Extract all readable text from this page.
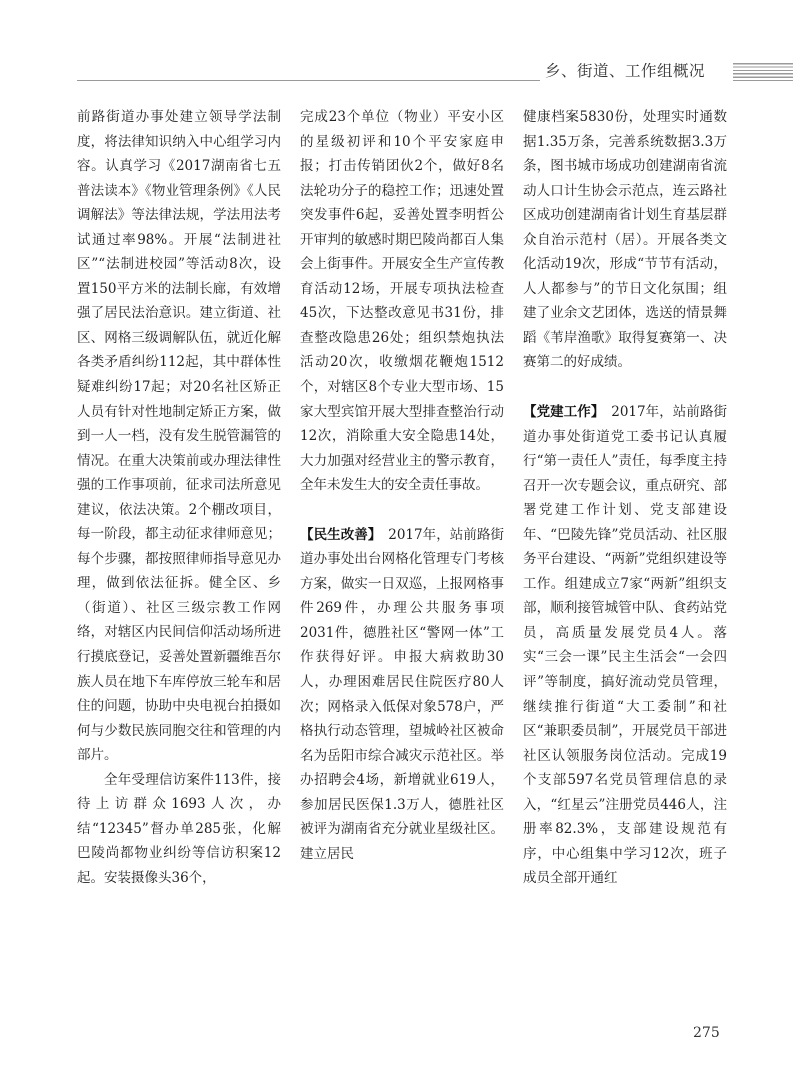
乡、街道、工作组概况

前路街道办事处建立领导学法制度，将法律知识纳入中心组学习内容。认真学习《2017湖南省七五普法读本》《物业管理条例》《人民调解法》等法律法规，学法用法考试通过率98%。开展“法制进社区”“法制进校园”等活动8次，设置150平方米的法制长廊，有效增强了居民法治意识。建立街道、社区、网格三级调解队伍，就近化解各类矛盾纠纷112起，其中群体性疑难纠纷17起；对20名社区矫正人员有针对性地制定矫正方案，做到一人一档，没有发生脱管漏管的情况。在重大决策前或办理法律性强的工作事项前，征求司法所意见建议，依法决策。2个棚改项目，每一阶段，都主动征求律师意见；每个步骤，都按照律师指导意见办理，做到依法征拆。健全区、乡（街道）、社区三级宗教工作网络，对辖区内民间信仰活动场所进行摸底登记，妥善处置新疆维吾尔族人员在地下车库停放三轮车和居住的问题，协助中央电视台拍摄如何与少数民族同胞交往和管理的内部片。

全年受理信访案件113件，接待上访群众1693人次，办结“12345”督办单285张，化解巴陵尚都物业纠纷等信访积案12起。安装摄像头36个，

完成23个单位（物业）平安小区的星级初评和10个平安家庭申报；打击传销团伙2个，做好8名法轮功分子的稳控工作；迅速处置突发事件6起，妥善处置李明哲公开审判的敏感时期巴陵尚都百人集会上街事件。开展安全生产宣传教育活动12场，开展专项执法检查45次，下达整改意见书31份，排查整改隐患26处；组织禁炮执法活动20次，收缴烟花鞭炮1512个，对辖区8个专业大型市场、15家大型宾馆开展大型排查整治行动12次，消除重大安全隐患14处，大力加强对经营业主的警示教育，全年未发生大的安全责任事故。

【民生改善】　 2017年，站前路街道办事处出台网格化管理专门考核方案，做实一日双巡，上报网格事件269件，办理公共服务事项2031件，德胜社区“警网一体”工作获得好评。申报大病救助30人，办理困难居民住院医疗80人次；网格录入低保对象578户，严格执行动态管理，望城岭社区被命名为岳阳市综合减灾示范社区。举办招聘会4场，新增就业619人，参加居民医保1.3万人，德胜社区被评为湖南省充分就业星级社区。建立居民

健康档案5830份，处理实时通数据1.35万条，完善系统数据3.3万条，图书城市场成功创建湖南省流动人口计生协会示范点，连云路社区成功创建湖南省计划生育基层群众自治示范村（居）。开展各类文化活动19次，形成“节节有活动，人人都参与”的节日文化氛围；组建了业余文艺团体，选送的情景舞蹈《苇岸渔歌》取得复赛第一、决赛第二的好成绩。

【党建工作】　 2017年，站前路街道办事处街道党工委书记认真履行“第一责任人”责任，每季度主持召开一次专题会议，重点研究、部署党建工作计划、党支部建设年、“巴陵先锋”党员活动、社区服务平台建设、“两新”党组织建设等工作。组建成立7家“两新”组织支部，顺利接管城管中队、食药站党员，高质量发展党员4人。落实“三会一课”民主生活会“一会四评”等制度，搞好流动党员管理，继续推行街道“大工委制”和社区“兼职委员制”，开展党员干部进社区认领服务岗位活动。完成19个支部597名党员管理信息的录入，“红星云”注册党员446人，注册率82.3%，支部建设规范有序，中心组集中学习12次，班子成员全部开通红

275
